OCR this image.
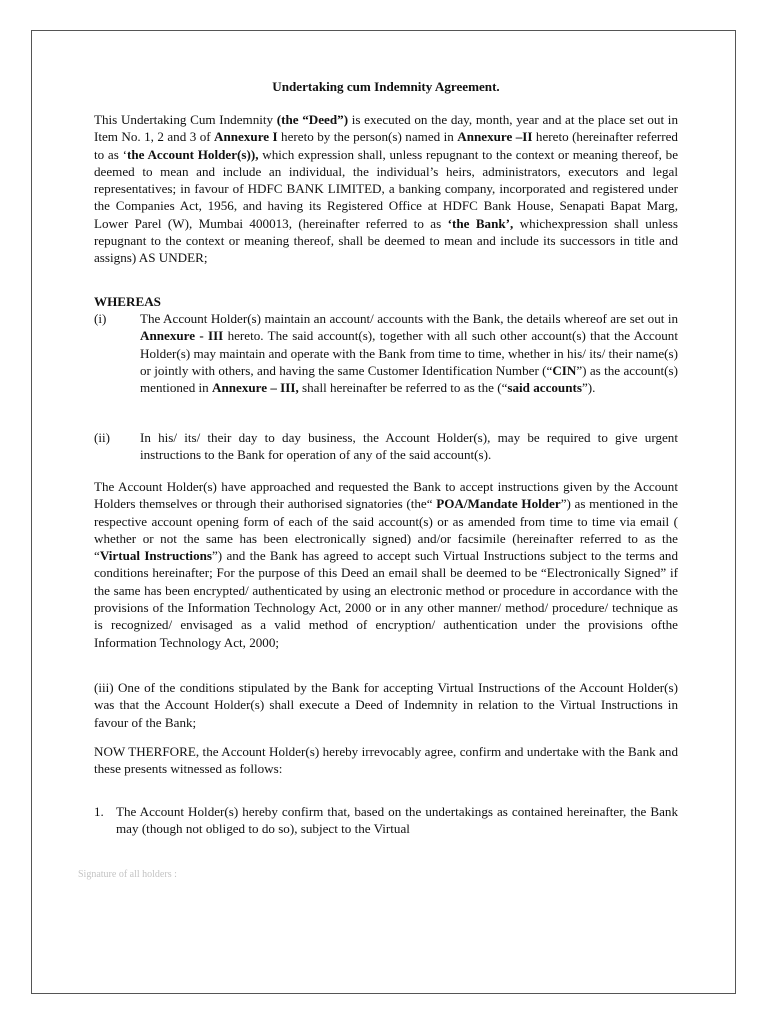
Undertaking cum Indemnity Agreement.

This Undertaking Cum Indemnity (the “Deed”) is executed on the day, month, year and at the place set out in Item No. 1, 2 and 3 of Annexure I hereto by the person(s) named in Annexure –II hereto (hereinafter referred to as ‘the Account Holder(s)), which expression shall, unless repugnant to the context or meaning thereof, be deemed to mean and include an individual, the individual’s heirs, administrators, executors and legal representatives; in favour of HDFC BANK LIMITED, a banking company, incorporated and registered under the Companies Act, 1956, and having its Registered Office at HDFC Bank House, Senapati Bapat Marg, Lower Parel (W), Mumbai 400013, (hereinafter referred to as ‘the Bank’, whichexpression shall unless repugnant to the context or meaning thereof, shall be deemed to mean and include its successors in title and assigns) AS UNDER;

WHEREAS
(i)	The Account Holder(s) maintain an account/ accounts with the Bank, the details whereof are set out in Annexure - III hereto. The said account(s), together with all such other account(s) that the Account Holder(s) may maintain and operate with the Bank from time to time, whether in his/ its/ their name(s) or jointly with others, and having the same Customer Identification Number (“CIN”) as the account(s) mentioned in Annexure – III, shall hereinafter be referred to as the (“said accounts”).

(ii) In his/ its/ their day to day business, the Account Holder(s), may be required to give urgent instructions to the Bank for operation of any of the said account(s).

The Account Holder(s) have approached and requested the Bank to accept instructions given by the Account Holders themselves or through their authorised signatories (the“ POA/Mandate Holder”) as mentioned in the respective account opening form of each of the said account(s) or as amended from time to time via email ( whether or not the same has been electronically signed) and/or facsimile (hereinafter referred to as the “Virtual Instructions”) and the Bank has agreed to accept such Virtual Instructions subject to the terms and conditions hereinafter; For the purpose of this Deed an email shall be deemed to be “Electronically Signed” if the same has been encrypted/ authenticated by using an electronic method or procedure in accordance with the provisions of the Information Technology Act, 2000 or in any other manner/ method/ procedure/ technique as is recognized/ envisaged as a valid method of encryption/ authentication under the provisions ofthe Information Technology Act, 2000;

(iii) One of the conditions stipulated by the Bank for accepting Virtual Instructions of the Account Holder(s) was that the Account Holder(s) shall execute a Deed of Indemnity in relation to the Virtual Instructions in favour of the Bank;

NOW THERFORE, the Account Holder(s) hereby irrevocably agree, confirm and undertake with the Bank and these presents witnessed as follows:

1. The Account Holder(s) hereby confirm that, based on the undertakings as contained hereinafter, the Bank may (though not obliged to do so), subject to the Virtual

Signature of all holders :
